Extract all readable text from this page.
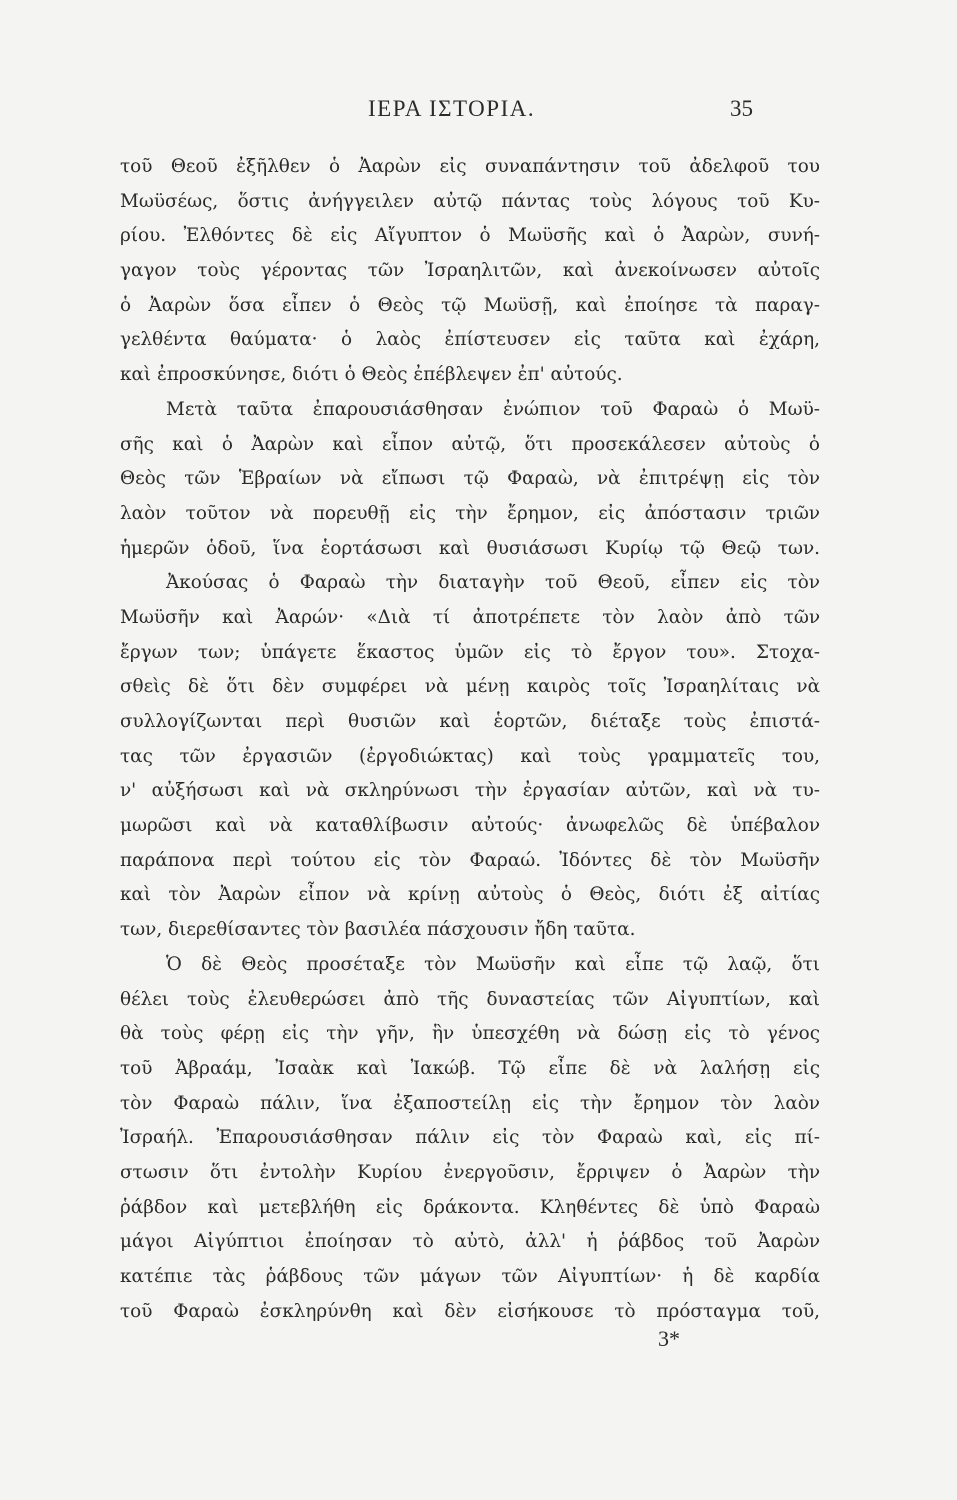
ΙΕΡΑ ΙΣΤΟΡΙΑ.	35
τοῦ Θεοῦ ἐξῆλθεν ὁ Ἀαρὼν εἰς συναπάντησιν τοῦ ἀδελφοῦ του
Μωϋσέως, ὅστις ἀνήγγειλεν αὐτῷ πάντας τοὺς λόγους τοῦ Κυ-
ρίου. Ἐλθόντες δὲ εἰς Αἴγυπτον ὁ Μωϋσῆς καὶ ὁ Ἀαρὼν, συνή-
γαγον τοὺς γέροντας τῶν Ἰσραηλιτῶν, καὶ ἀνεκοίνωσεν αὐτοῖς
ὁ Ἀαρὼν ὅσα εἶπεν ὁ Θεὸς τῷ Μωϋσῇ, καὶ ἐποίησε τὰ παραγ-
γελθέντα θαύματα· ὁ λαὸς ἐπίστευσεν εἰς ταῦτα καὶ ἐχάρη,
καὶ ἐπροσκύνησε, διότι ὁ Θεὸς ἐπέβλεψεν ἐπ' αὐτούς.
Μετὰ ταῦτα ἐπαρουσιάσθησαν ἐνώπιον τοῦ Φαραὼ ὁ Μωϋ-
σῆς καὶ ὁ Ἀαρὼν καὶ εἶπον αὐτῷ, ὅτι προσεκάλεσεν αὐτοὺς ὁ
Θεὸς τῶν Ἑβραίων νὰ εἴπωσι τῷ Φαραὼ, νὰ ἐπιτρέψῃ εἰς τὸν
λαὸν τοῦτον νὰ πορευθῇ εἰς τὴν ἔρημον, εἰς ἀπόστασιν τριῶν
ἡμερῶν ὁδοῦ, ἵνα ἑορτάσωσι καὶ θυσιάσωσι Κυρίῳ τῷ Θεῷ των.
Ἀκούσας ὁ Φαραὼ τὴν διαταγὴν τοῦ Θεοῦ, εἶπεν εἰς τὸν
Μωϋσῆν καὶ Ἀαρών· «Διὰ τί ἀποτρέπετε τὸν λαὸν ἀπὸ τῶν
ἔργων των; ὑπάγετε ἕκαστος ὑμῶν εἰς τὸ ἔργον του». Στοχα-
σθεὶς δὲ ὅτι δὲν συμφέρει νὰ μένῃ καιρὸς τοῖς Ἰσραηλίταις νὰ
συλλογίζωνται περὶ θυσιῶν καὶ ἑορτῶν, διέταξε τοὺς ἐπιστά-
τας τῶν ἐργασιῶν (ἐργοδιώκτας) καὶ τοὺς γραμματεῖς του,
ν' αὐξήσωσι καὶ νὰ σκληρύνωσι τὴν ἐργασίαν αὐτῶν, καὶ νὰ τυ-
μωρῶσι καὶ νὰ καταθλίβωσιν αὐτούς· ἀνωφελῶς δὲ ὑπέβαλον
παράπονα περὶ τούτου εἰς τὸν Φαραώ. Ἰδόντες δὲ τὸν Μωϋσῆν
καὶ τὸν Ἀαρὼν εἶπον νὰ κρίνῃ αὐτοὺς ὁ Θεὸς, διότι ἐξ αἰτίας
των, διερεθίσαντες τὸν βασιλέα πάσχουσιν ἤδη ταῦτα.
Ὁ δὲ Θεὸς προσέταξε τὸν Μωϋσῆν καὶ εἶπε τῷ λαῷ, ὅτι
θέλει τοὺς ἐλευθερώσει ἀπὸ τῆς δυναστείας τῶν Αἰγυπτίων, καὶ
θὰ τοὺς φέρῃ εἰς τὴν γῆν, ἣν ὑπεσχέθη νὰ δώσῃ εἰς τὸ γένος
τοῦ Ἀβραάμ, Ἰσαὰκ καὶ Ἰακώβ. Τῷ εἶπε δὲ νὰ λαλήσῃ εἰς
τὸν Φαραὼ πάλιν, ἵνα ἐξαποστείλῃ εἰς τὴν ἔρημον τὸν λαὸν
Ἰσραήλ. Ἐπαρουσιάσθησαν πάλιν εἰς τὸν Φαραὼ καὶ, εἰς πί-
στωσιν ὅτι ἐντολὴν Κυρίου ἐνεργοῦσιν, ἔρριψεν ὁ Ἀαρὼν τὴν
ῥάβδον καὶ μετεβλήθη εἰς δράκοντα. Κληθέντες δὲ ὑπὸ Φαραὼ
μάγοι Αἰγύπτιοι ἐποίησαν τὸ αὐτὸ, ἀλλ' ἡ ῥάβδος τοῦ Ἀαρὼν
κατέπιε τὰς ῥάβδους τῶν μάγων τῶν Αἰγυπτίων· ἡ δὲ καρδία
τοῦ Φαραὼ ἐσκληρύνθη καὶ δὲν εἰσήκουσε τὸ πρόσταγμα τοῦ,
3*
